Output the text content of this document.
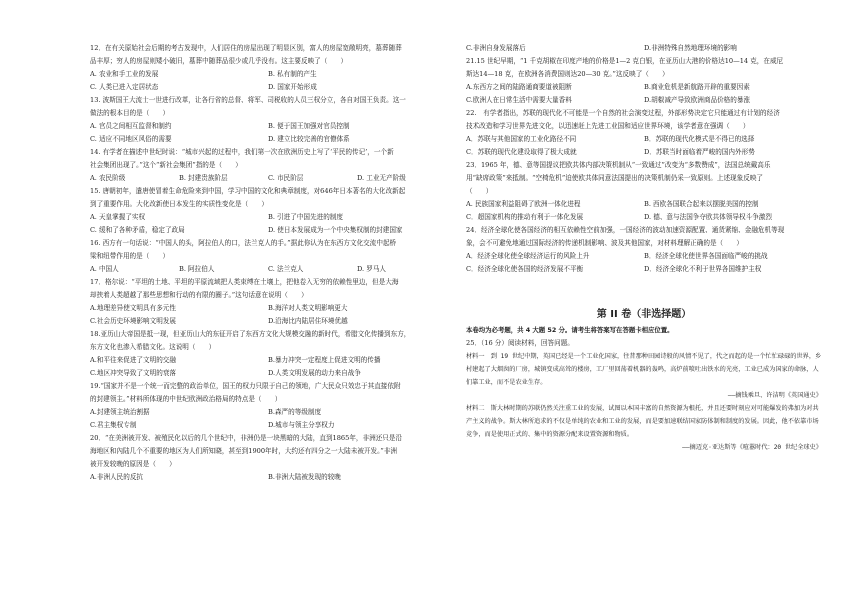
12．在有关原始社会后期的考古发现中，人们居住的房屋出现了明显区别，富人的房屋宽敞明亮，墓葬随葬

品丰厚；穷人的房屋则矮小破旧，墓葬中随葬品很少或几乎没有。这主要反映了（　　）

A. 农业和手工业的发展	B. 私有制的产生
C. 人类已进入定居状态	D. 国家开始形成

13. 波斯国王大流士一世进行改革，让各行省的总督、将军、司税收的人员三权分立，各自对国王负责。这一

做法的根本目的是（　　）

A. 官员之间相互监督和制约	B. 便于国王加强对官员控制
C. 适应不同地区风俗的需要	D. 建立比较完善的官僚体系

14. 有学者在描述中世纪时说：“城市兴起的过程中，我们第一次在欧洲历史上写了‘平民的传记’，一个新

社会集团出现了。”这个“新社会集团”指的是（　　）

A. 农民阶级	B. 封建贵族阶层	C. 市民阶层	D. 工业无产阶级

15. 唐朝初年，遣唐使冒着生命危险来到中国，学习中国的文化和典章制度，对646年日本著名的大化改新起

到了重要作用。大化改新使日本发生的实质性变化是（　　）

A. 天皇掌握了实权	B. 引进了中国先进的制度
C. 缓和了各种矛盾，稳定了政局	D. 使日本发展成为一个中央集权制的封建国家

16. 西方有一句话说：“中国人的头，阿拉伯人的口，法兰克人的手。”据此你认为在东西方文化交流中起桥

梁和纽带作用的是（　　）

A. 中国人	B. 阿拉伯人	C. 法兰克人	D. 罗马人

17．格尔说：“平坦的土地、平坦的平原流域把人类束缚在土壤上，把他卷入无穷的依赖性里边，但是大海

却挟着人类超越了那些思想和行动的有限的圈子。”这句话意在说明（　　）

A.地理差异使文明具有多元性	B.海洋对人类文明影响更大
C.社会历史环境影响文明发展	D.沿海比内陆居住环境优越

18.亚历山大帝国是抵一现，但亚历山大的东征开启了东西方文化大规模交融的新时代，希腊文化传播到东方，

东方文化也渗入希腊文化。这说明（　　）

A.和平往来促进了文明的交融	B.暴力冲突一定程度上促进文明的传播
C.地区冲突导致了文明的衰落	D.人类文明发展的动力来自战争

19.“国家并不是一个统一而完整的政治单位，国王的权力只限于自己的领地，广大民众只效忠于其直接依附

的封建领主。”材料所体现的中世纪欧洲政治格局的特点是（　　）

A.封建领主统治割据	B.森严的等级制度
C.君主集权专制	D.城市与领主分享权力

20．“在美洲被开发、被殖民化以后的几个世纪中，非洲仍是一块黑暗的大陆，直到1865年，非洲还只是沿

海地区和內陆几个不重要的地区为人们所知晓，甚至到1900年时，大约还有四分之一大陆未被开发。”非洲

被开发较晚的原因是（　　）

A.非洲人民的反抗	B.非洲大陆被发现的较晚
C.非洲自身发展落后	D.非洲特殊自然地理环境的影响

21.15 世纪早期，“1 千克胡椒在印度产地的价格是1—2 克白银，在亚历山大港的价格达10—14 克，在威尼

斯达14—18 克，在欧洲各消费国则达20—30 克。”这反映了（　　）

A.东西方之间的陆路通商要道被阻断	B.商业危机是新航路开辟的重要因素
C.欧洲人在日常生活中需要大量香料	D.胡椒减产导致欧洲商品价格的暴涨

22.　有学者指出，苏联的现代化不可能是一个自然的社会演变过程，外部形势决定它只能通过有计划的经济

技术改造和学习世界先进文化，以迅速赶上先进工业国和适应世界环境，该学者意在强调（　　）

A．苏联与其他国家的工业化路径不同	B．苏联的现代化模式是不得已的选择
C．苏联的现代化建设取得了极大成就	D．苏联当时面临着严峻的国内外形势

23．1965 年，德、意等国提议把欧共体内部决策机制从“一致通过”改变为“多数赞成”，法国总统戴高乐

用“缺席政策”来抵制。“空椅危机”迫使欧共体同意法国提出的决策机制仍采一致原则。上述现象反映了

（　　）

A. 民族国家利益阻碍了欧洲一体化进程	B. 西欧各国联合起来以摆脱美国的控制
C．超国家机构的推动有利于一体化发展	D. 德、意与法国争夺欧共体领导权斗争激烈

24．经济全球化使各国经济的相互依赖性空前加强，一国经济的波动加速资源配置、通货紧缩、金融危机等现

象，会不可避免地通过国际经济的传递机制影响、波及其他国家，对材料理解正确的是（　　）

A．经济全球化使全球经济运行的风险上升	B．经济全球化使世界各国面临严峻的挑战
C．经济全球化使各国的经济发展不平衡	D．经济全球化不利于世界各国维护主权
第 II 卷（非选择题）
本卷均为必考题，共 4 大题 52 分。请考生将答案写在答题卡相应位置。

25．（16 分）阅读材料，回答问题。

材料一　到 19 世纪中期，英国已经是一个工业化国家，往昔那种田园诗般的风情不见了，代之而起的是一个忙忙碌碌的世界，乡村建起了大烟囱的厂房，城镇变成高耸的楼房，工厂里回荡着机器的轰鸣，高炉前喷吐出铁水的光亮，工业已成为国家的命脉，人们靠工业，而不是农业生存。

——摘钱乘旦、许洁明《英国通史》

材料二　斯大林时期的苏联仍然关注重工业的发展，试图以本国丰富的自然资源为根托，并且还要时刻应对可能爆发的弗加为对共产主义的战争。斯大林所追求的不仅是单纯的农业和工业的发展，而是要加速联结国家防体制和制度的发展。因此，他不依靠市场竞争，而是使用正式的、集中的资源分配来设置资源和物质。

——摘迈克·亚达斯等《喧嚣时代：20 世纪全球史》
